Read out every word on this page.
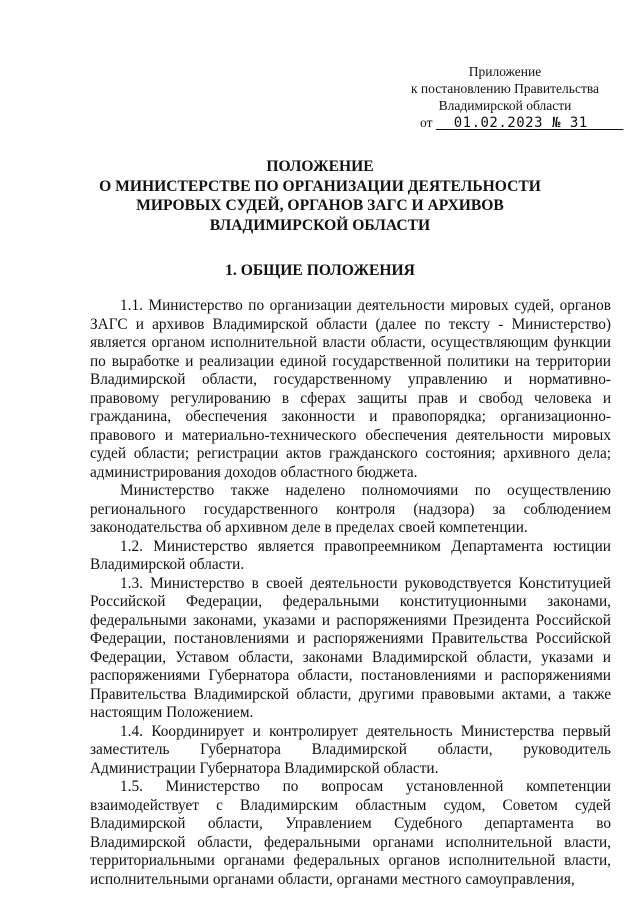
Приложение
к постановлению Правительства
Владимирской области
от 01.02.2023 № 31
ПОЛОЖЕНИЕ
О МИНИСТЕРСТВЕ ПО ОРГАНИЗАЦИИ ДЕЯТЕЛЬНОСТИ
МИРОВЫХ СУДЕЙ, ОРГАНОВ ЗАГС И АРХИВОВ
ВЛАДИМИРСКОЙ ОБЛАСТИ
1. ОБЩИЕ ПОЛОЖЕНИЯ

1.1. Министерство по организации деятельности мировых судей, органов ЗАГС и архивов Владимирской области (далее по тексту - Министерство) является органом исполнительной власти области, осуществляющим функции по выработке и реализации единой государственной политики на территории Владимирской области, государственному управлению и нормативно-правовому регулированию в сферах защиты прав и свобод человека и гражданина, обеспечения законности и правопорядка; организационно-правового и материально-технического обеспечения деятельности мировых судей области; регистрации актов гражданского состояния; архивного дела; администрирования доходов областного бюджета.

Министерство также наделено полномочиями по осуществлению регионального государственного контроля (надзора) за соблюдением законодательства об архивном деле в пределах своей компетенции.

1.2. Министерство является правопреемником Департамента юстиции Владимирской области.

1.3. Министерство в своей деятельности руководствуется Конституцией Российской Федерации, федеральными конституционными законами, федеральными законами, указами и распоряжениями Президента Российской Федерации, постановлениями и распоряжениями Правительства Российской Федерации, Уставом области, законами Владимирской области, указами и распоряжениями Губернатора области, постановлениями и распоряжениями Правительства Владимирской области, другими правовыми актами, а также настоящим Положением.

1.4. Координирует и контролирует деятельность Министерства первый заместитель Губернатора Владимирской области, руководитель Администрации Губернатора Владимирской области.

1.5. Министерство по вопросам установленной компетенции взаимодействует с Владимирским областным судом, Советом судей Владимирской области, Управлением Судебного департамента во Владимирской области, федеральными органами исполнительной власти, территориальными органами федеральных органов исполнительной власти, исполнительными органами области, органами местного самоуправления,
